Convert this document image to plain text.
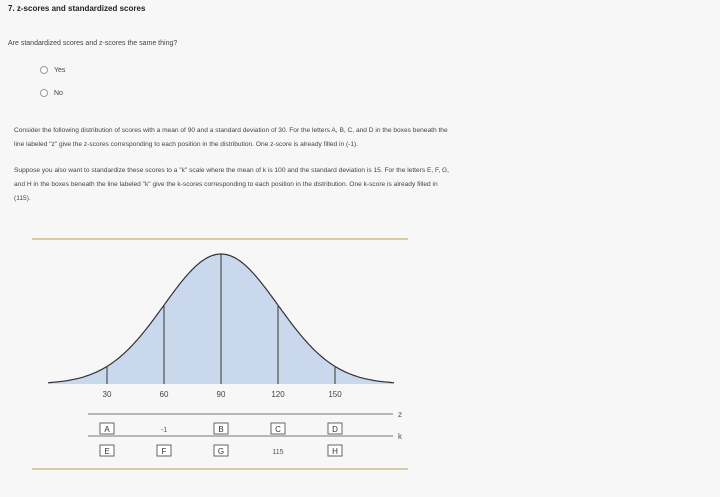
7. z-scores and standardized scores
Are standardized scores and z-scores the same thing?
Yes
No
Consider the following distribution of scores with a mean of 90 and a standard deviation of 30. For the letters A, B, C, and D in the boxes beneath the
line labeled "z" give the z-scores corresponding to each position in the distribution. One z-score is already filled in (-1).
Suppose you also want to standardize these scores to a "k" scale where the mean of k is 100 and the standard deviation is 15. For the letters E, F, G,
and H in the boxes beneath the line labeled "k" give the k-scores corresponding to each position in the distribution. One k-score is already filled in
(115).
30	60	90	120	150
z
A	-1	B	C	D
k
E	F	G	115	H
